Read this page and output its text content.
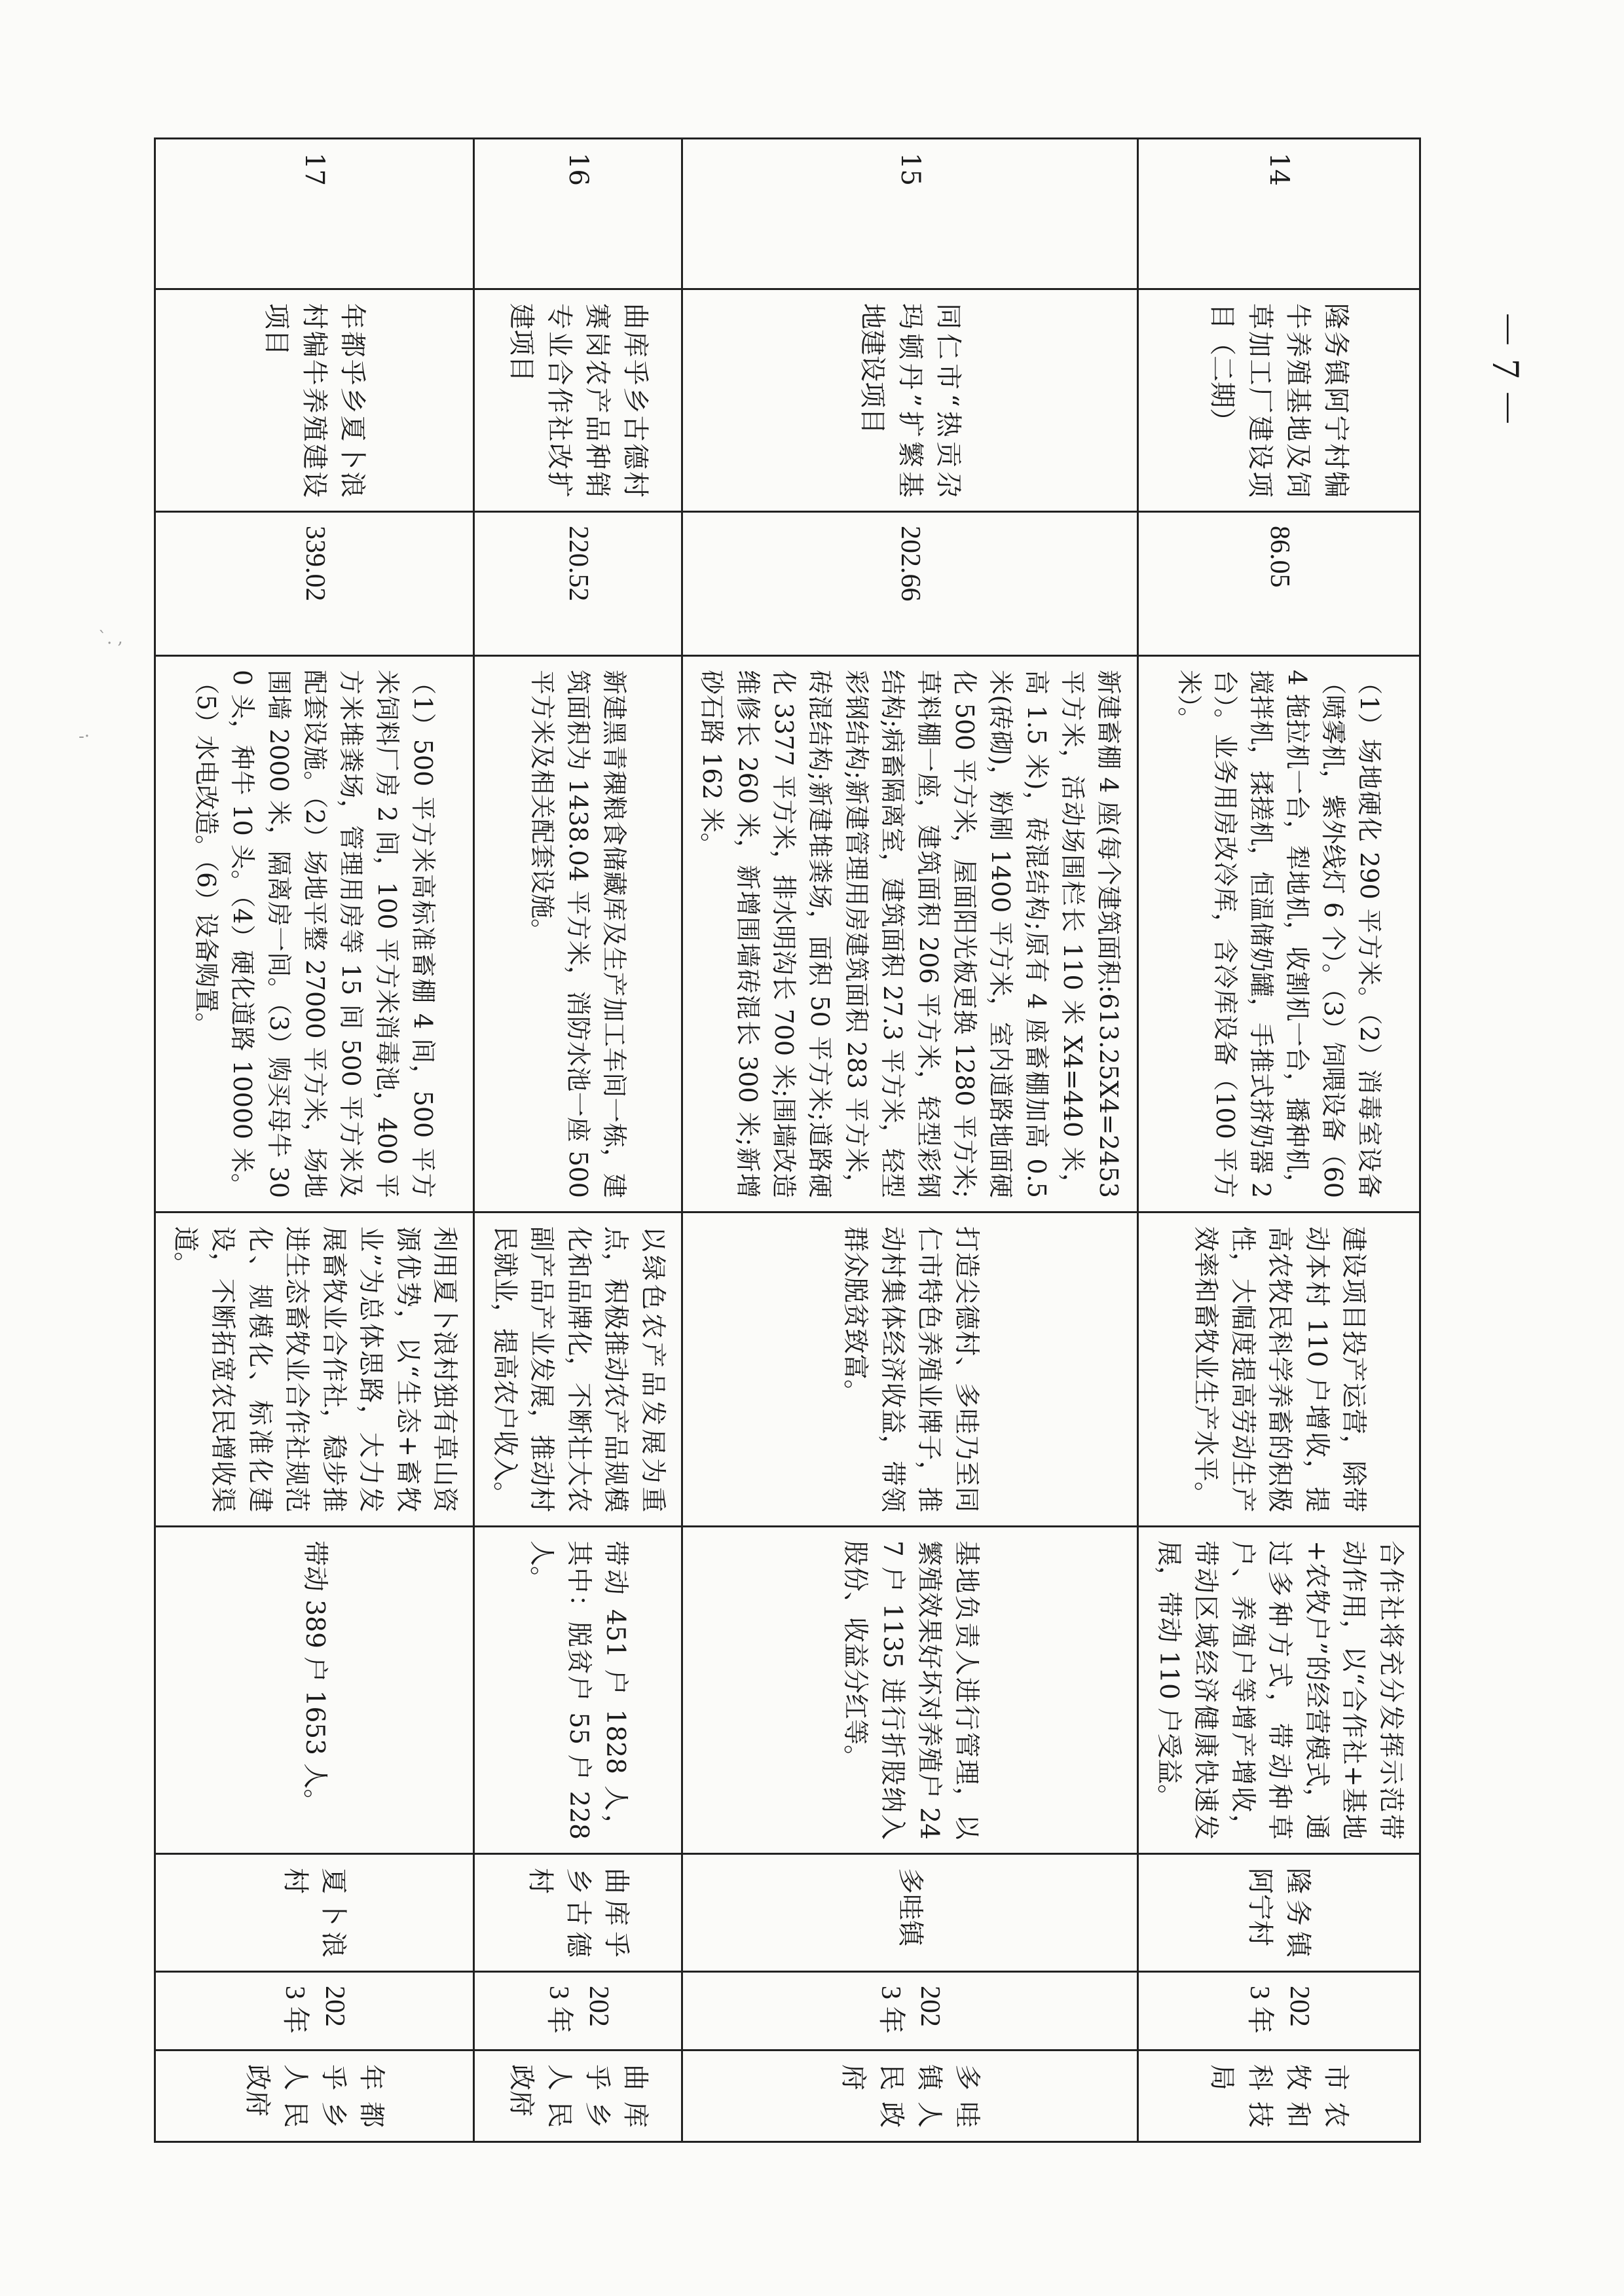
`. ,
-·
14	隆务镇阿宁村犏牛养殖基地及饲草加工厂建设项目（二期）	86.05	（1）场地硬化 290 平方米。（2）消毒室设备（喷雾机，紫外线灯 6 个）。（3）饲喂设备（604 拖拉机一台，犁地机，收割机一台，播种机，搅拌机，揉搓机，恒温储奶罐，手推式挤奶器 2 台）。业务用房改冷库，含冷库设备（100 平方米）。	建设项目投产运营，除带动本村 110 户增收，提高农牧民科学养畜的积极性，大幅度提高劳动生产效率和畜牧业生产水平。	合作社将充分发挥示范带动作用，以“合作社+基地+农牧户”的经营模式，通过多种方式，带动种草户、养殖户等增产增收，带动区域经济健康快速发展，带动 110 户受益。	隆务镇阿宁村	2023 年	市农牧和科技局
15	同仁市“热贡尕玛顿丹”扩繁基地建设项目	202.66	新建畜棚 4 座(每个建筑面积:613.25X4=2453 平方米，活动场围栏长 110 米 X4=440 米，高 1.5 米)，砖混结构;原有 4 座畜棚加高 0.5 米(砖砌)，粉刷 1400 平方米，室内道路地面硬化 500 平方米，屋面阳光板更换 1280 平方米;草料棚一座，建筑面积 206 平方米，轻型彩钢结构;病畜隔离室，建筑面积 27.3 平方米，轻型彩钢结构;新建管理用房建筑面积 283 平方米，砖混结构;新建堆粪场，面积 50 平方米;道路硬化 3377 平方米，排水明沟长 700 米;围墙改造维修长 260 米，新增围墙砖混长 300 米;新增砂石路 162 米。	打造尖德村、多哇乃至同仁市特色养殖业牌子，推动村集体经济收益，带领群众脱贫致富。	基地负责人进行管理，以繁殖效果好坏对养殖户 247 户 1135 进行折股纳入股份、收益分红等。	多哇镇	2023 年	多哇镇人民政府
16	曲库乎乡古德村赛岗农产品种销专业合作社改扩建项目	220.52	新建黑青稞粮食储藏库及生产加工车间一栋，建筑面积为 1438.04 平方米，消防水池一座 500 平方米及相关配套设施。	以绿色农产品发展为重点，积极推动农产品规模化和品牌化，不断壮大农副产品产业发展，推动村民就业，提高农户收入。	带动 451 户 1828 人，其中：脱贫户 55 户 228 人。	曲库乎乡古德村	2023 年	曲库乎乡人民政府
17	年都乎乡夏卜浪村犏牛养殖建设项目	339.02	（1）500 平方米高标准畜棚 4 间，500 平方米饲料厂房 2 间，100 平方米消毒池，400 平方米堆粪场，管理用房等 15 间 500 平方米及配套设施。（2）场地平整 27000 平方米，场地围墙 2000 米，隔离房一间。（3）购买母牛 300 头，种牛 10 头。（4）硬化道路 10000 米。（5）水电改造。（6）设备购置。	利用夏卜浪村独有草山资源优势，以“生态+畜牧业”为总体思路，大力发展畜牧业合作社，稳步推进生态畜牧业合作社规范化、规模化、标准化建设，不断拓宽农民增收渠道。	带动 389 户 1653 人。	夏卜浪村	2023 年	年都乎乡人民政府
－ 7 －
